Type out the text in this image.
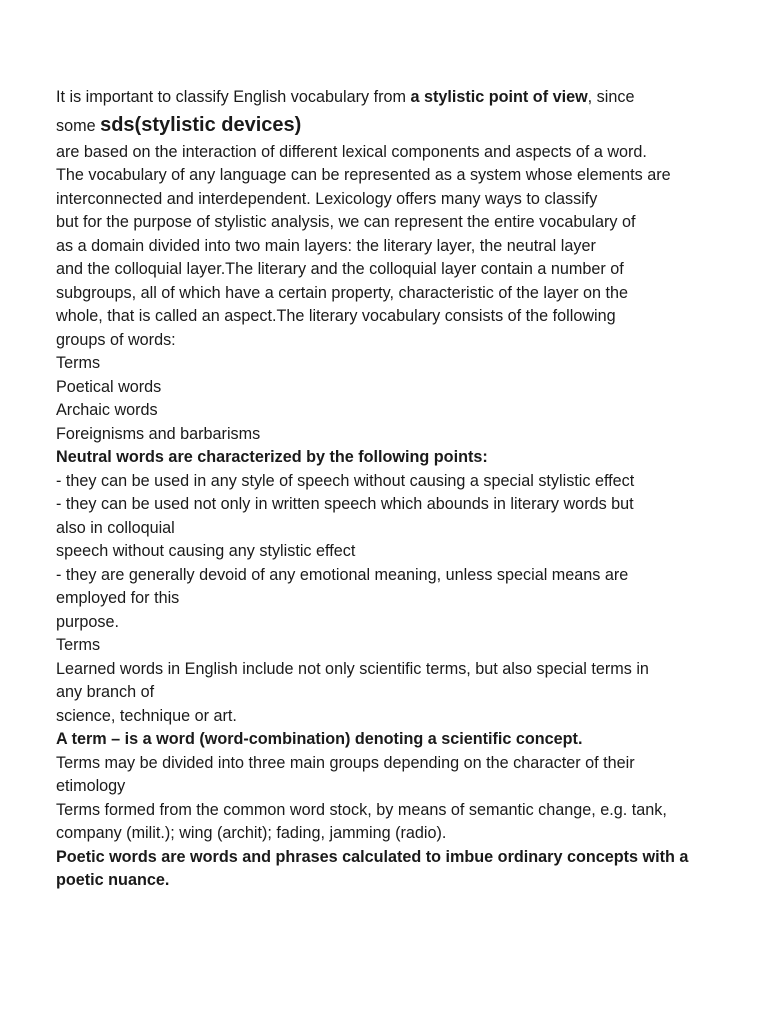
It is important to classify English vocabulary from a stylistic point of view, since
some sds(stylistic devices)
are based on the interaction of different lexical components and aspects of a word.
The vocabulary of any language can be represented as a system whose elements are
interconnected and interdependent. Lexicology offers many ways to classify
but for the purpose of stylistic analysis, we can represent the entire vocabulary of
as a domain divided into two main layers: the literary layer, the neutral layer
and the colloquial layer.The literary and the colloquial layer contain a number of
subgroups, all of which have a certain property, characteristic of the layer on the
whole, that is called an aspect.The literary vocabulary consists of the following
groups of words:
Terms
Poetical words
Archaic words
Foreignisms and barbarisms
Neutral words are characterized by the following points:
- they can be used in any style of speech without causing a special stylistic effect
- they can be used not only in written speech which abounds in literary words but
also in colloquial
speech without causing any stylistic effect
- they are generally devoid of any emotional meaning, unless special means are
employed for this
purpose.
Terms
Learned words in English include not only scientific terms, but also special terms in
any branch of
science, technique or art.
A term – is a word (word-combination) denoting a scientific concept.
Terms may be divided into three main groups depending on the character of their
etimology
Terms formed from the common word stock, by means of semantic change, e.g. tank,
company (milit.); wing (archit); fading, jamming (radio).
Poetic words are words and phrases calculated to imbue ordinary concepts with a
poetic nuance.
